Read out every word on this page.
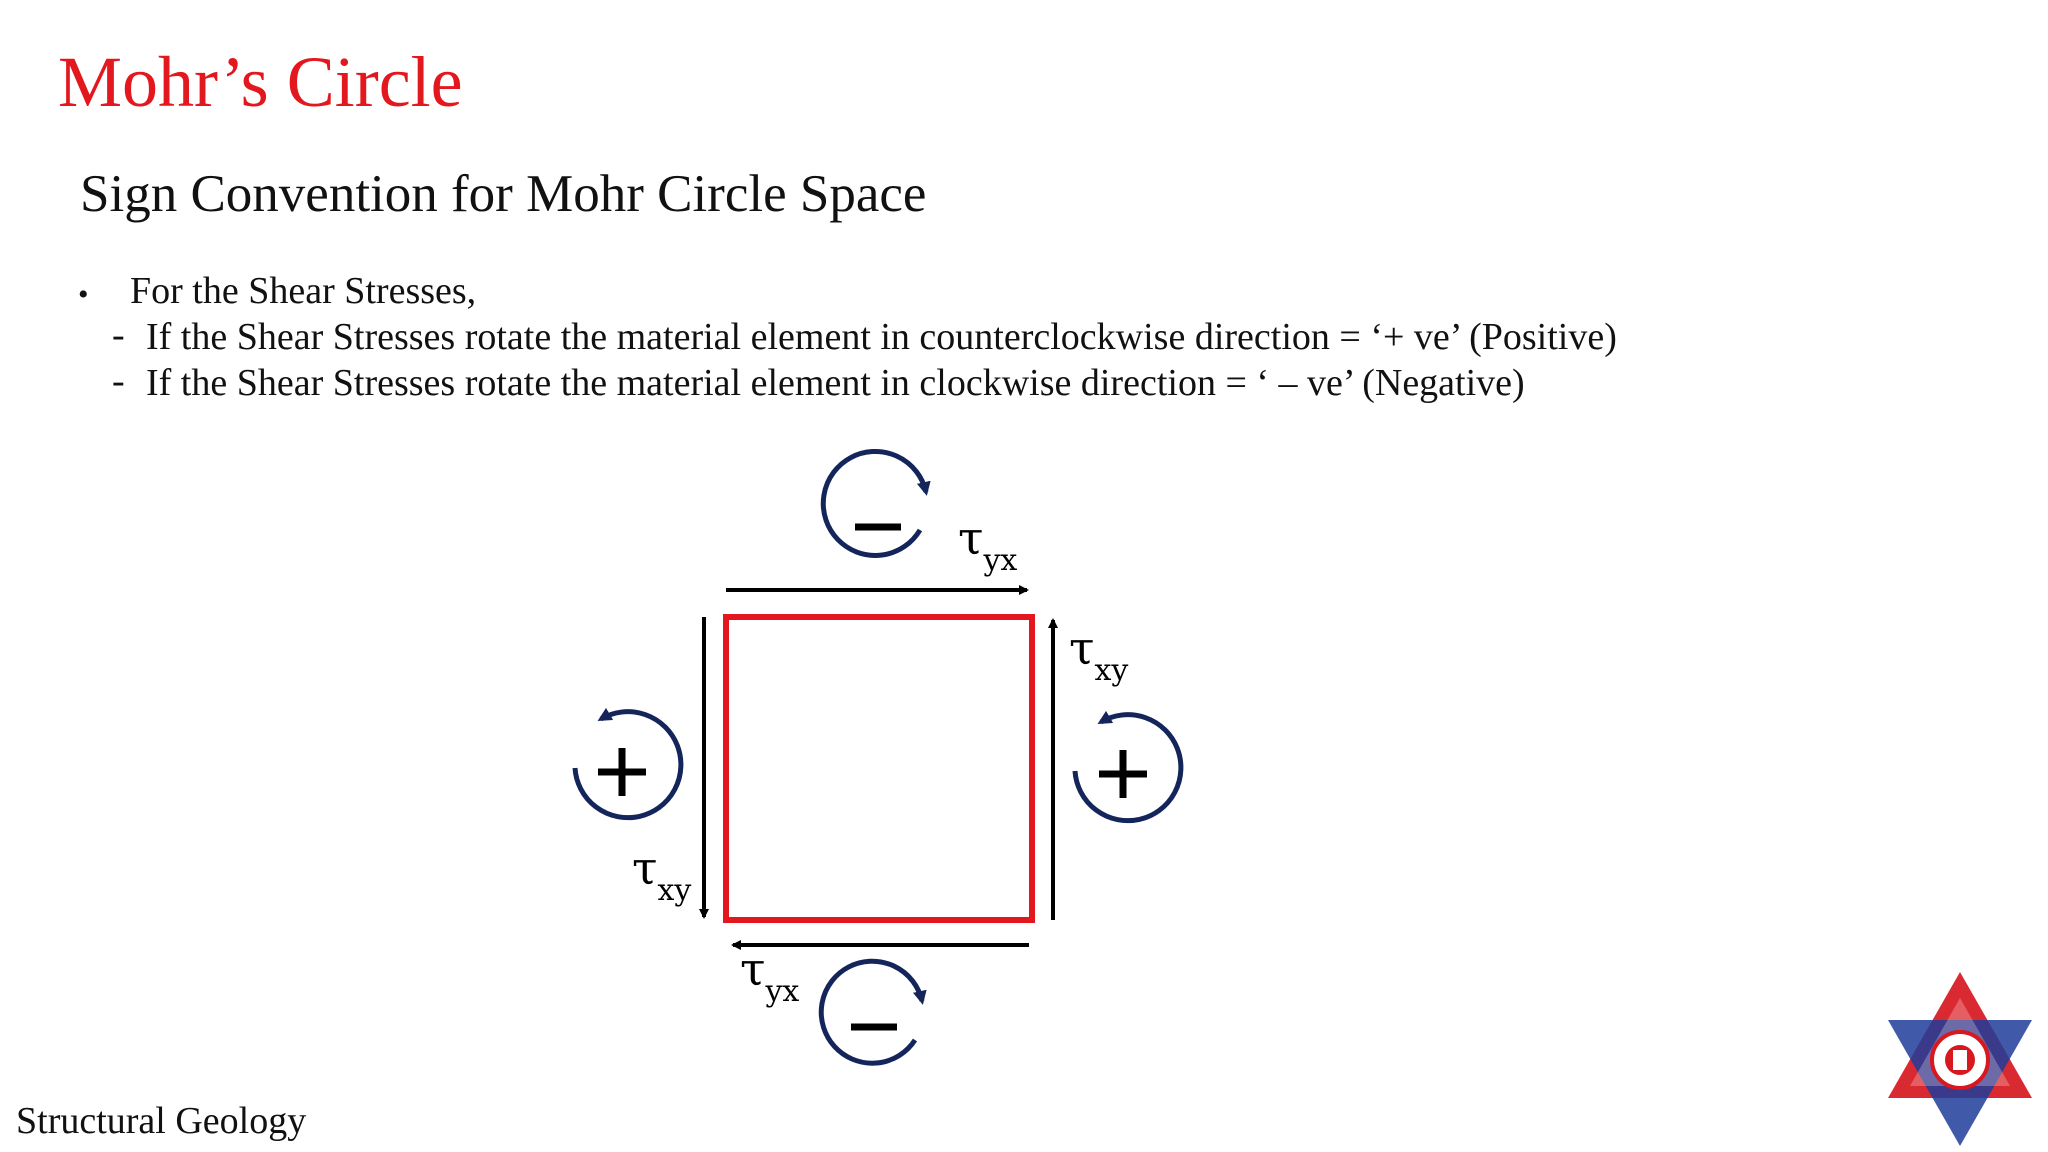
Mohr’s Circle
Sign Convention for Mohr Circle Space
• For the Shear Stresses,
- If the Shear Stresses rotate the material element in counterclockwise direction = ‘+ ve’ (Positive)
- If the Shear Stresses rotate the material element in clockwise direction = ‘ – ve’ (Negative)
$\tau_{yx}$
$\tau_{xy}$
$\tau_{xy}$
$\tau_{yx}$
Structural Geology
